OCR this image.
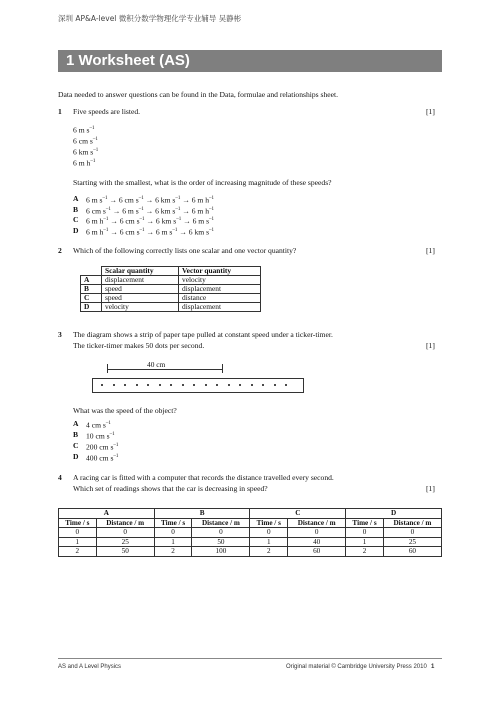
深圳 AP&A-level 微积分数学物理化学专业辅导 吴静彬
1 Worksheet (AS)
Data needed to answer questions can be found in the Data, formulae and relationships sheet.
1 Five speeds are listed.	[1]
6 m $s^{-1}$
6 cm $s^{-1}$
6 km $s^{-1}$
6 m $h^{-1}$
Starting with the smallest, what is the order of increasing magnitude of these speeds?
A 6 m $s^{-1} \to 6$ cm $s^{-1} \to 6$ km $s^{-1} \to 6$ m $h^{-1}$
B 6 cm $s^{-1} \to 6$ m $s^{-1} \to 6$ km $s^{-1} \to 6$ m $h^{-1}$
C 6 m $h^{-1} \to 6$ cm $s^{-1} \to 6$ km $s^{-1} \to 6$ m $s^{-1}$
D 6 m $h^{-1} \to 6$ cm $s^{-1} \to 6$ m $s^{-1} \to 6$ km $s^{-1}$
2 Which of the following correctly lists one scalar and one vector quantity?	[1]
	Scalar quantity	Vector quantity
A	displacement	velocity
B	speed	displacement
C	speed	distance
D	velocity	displacement
3 The diagram shows a strip of paper tape pulled at constant speed under a ticker-timer.
The ticker-timer makes 50 dots per second.	[1]
40 cm
What was the speed of the object?
A 4 cm $s^{-1}$
B 10 cm $s^{-1}$
C 200 cm $s^{-1}$
D 400 cm $s^{-1}$
4 A racing car is fitted with a computer that records the distance travelled every second.
Which set of readings shows that the car is decreasing in speed?	[1]
A		B		C		D	
Time / s	Distance / m	Time / s	Distance / m	Time / s	Distance / m	Time / s	Distance / m
0	0	0	0	0	0	0	0
1	25	1	50	1	40	1	25
2	50	2	100	2	60	2	60
AS and A Level Physics	Original material © Cambridge University Press 2010 1
